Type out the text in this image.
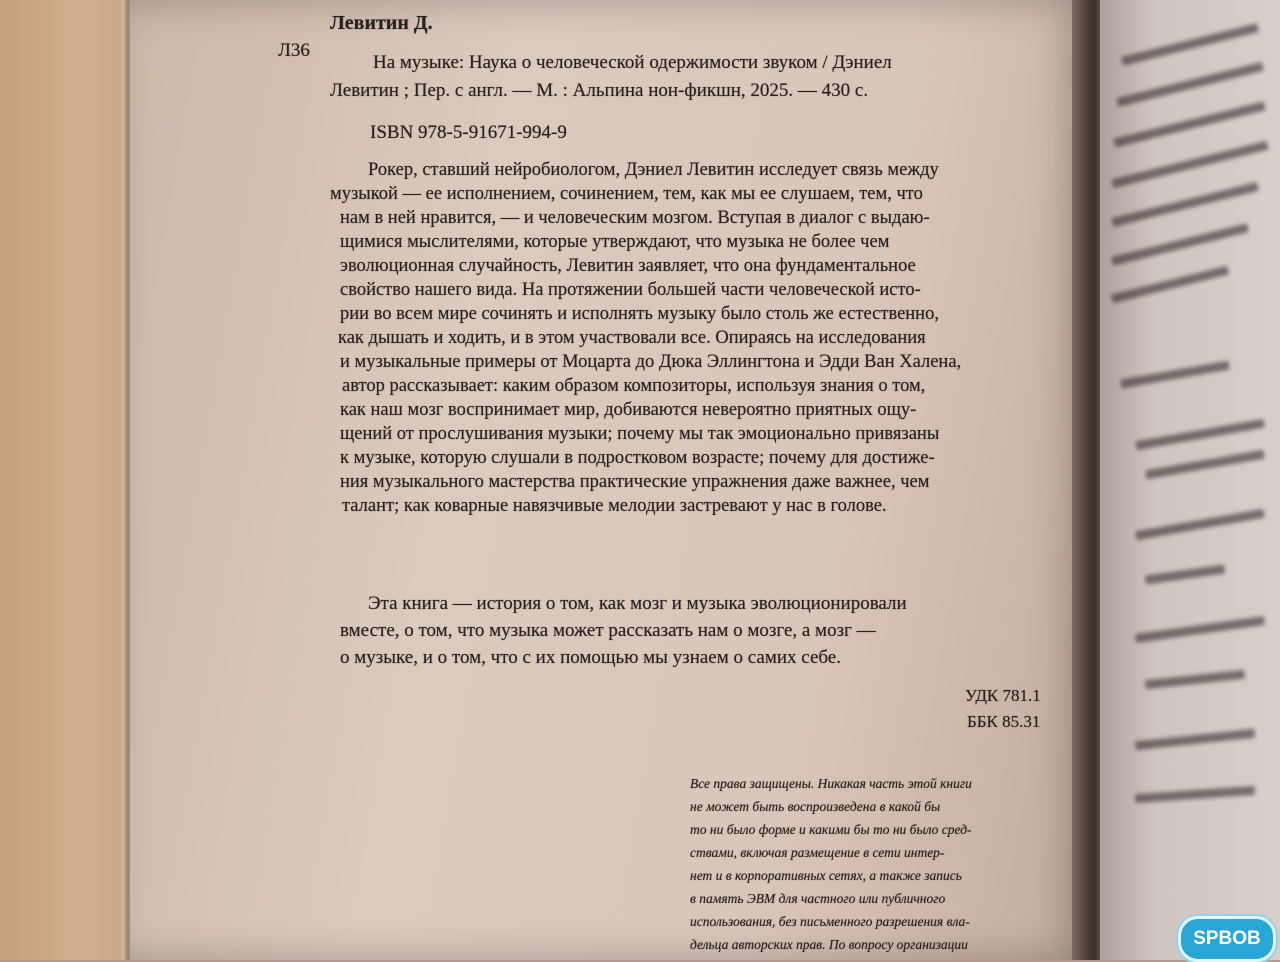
Левитин Д.
Л36
На музыке: Наука о человеческой одержимости звуком / Дэниел
Левитин ; Пер. с англ. — М. : Альпина нон-фикшн, 2025. — 430 с.
ISBN 978-5-91671-994-9
Рокер, ставший нейробиологом, Дэниел Левитин исследует связь между
музыкой — ее исполнением, сочинением, тем, как мы ее слушаем, тем, что
нам в ней нравится, — и человеческим мозгом. Вступая в диалог с выдаю-
щимися мыслителями, которые утверждают, что музыка не более чем
эволюционная случайность, Левитин заявляет, что она фундаментальное
свойство нашего вида. На протяжении большей части человеческой исто-
рии во всем мире сочинять и исполнять музыку было столь же естественно,
как дышать и ходить, и в этом участвовали все. Опираясь на исследования
и музыкальные примеры от Моцарта до Дюка Эллингтона и Эдди Ван Халена,
автор рассказывает: каким образом композиторы, используя знания о том,
как наш мозг воспринимает мир, добиваются невероятно приятных ощу-
щений от прослушивания музыки; почему мы так эмоционально привязаны
к музыке, которую слушали в подростковом возрасте; почему для достиже-
ния музыкального мастерства практические упражнения даже важнее, чем
талант; как коварные навязчивые мелодии застревают у нас в голове.
Эта книга — история о том, как мозг и музыка эволюционировали
вместе, о том, что музыка может рассказать нам о мозге, а мозг —
о музыке, и о том, что с их помощью мы узнаем о самих себе.
УДК 781.1
ББК 85.31
Все права защищены. Никакая часть этой книги
не может быть воспроизведена в какой бы
то ни было форме и какими бы то ни было сред-
ствами, включая размещение в сети интер-
нет и в корпоративных сетях, а также запись
в память ЭВМ для частного или публичного
использования, без письменного разрешения вла-
дельца авторских прав. По вопросу организации	SPBOB
